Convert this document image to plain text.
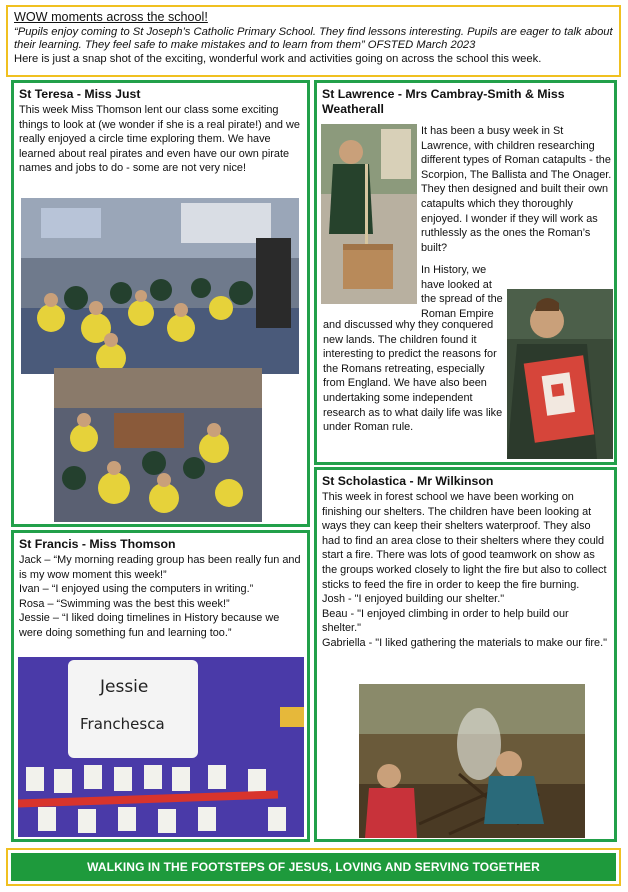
WOW moments across the school!
“Pupils enjoy coming to St Joseph’s Catholic Primary School. They find lessons interesting. Pupils are eager to talk about their learning. They feel safe to make mistakes and to learn from them” OFSTED March 2023
Here is just a snap shot of the exciting, wonderful work and activities going on across the school this week.
St Teresa - Miss Just
This week Miss Thomson lent our class some exciting things to look at (we wonder if she is a real pirate!) and we really enjoyed a circle time exploring them. We have learned about real pirates and even have our own pirate names and jobs to do - some are not very nice!
St Lawrence - Mrs Cambray-Smith & Miss Weatherall
It has been a busy week in St Lawrence, with children researching different types of Roman catapults - the Scorpion, The Ballista and The Onager. They then designed and built their own catapults which they thoroughly enjoyed. I wonder if they will work as ruthlessly as the ones the Roman’s built?
In History, we have looked at the spread of the Roman Empire
and discussed why they conquered new lands. The children found it interesting to predict the reasons for the Romans retreating, especially from England. We have also been undertaking some independent research as to what daily life was like under Roman rule.
St Francis - Miss Thomson
Jack – “My morning reading group has been really fun and is my wow moment this week!”
Ivan – “I enjoyed using the computers in writing.”
Rosa – “Swimming was the best this week!”
Jessie – “I liked doing timelines in History because we were doing something fun and learning too.”
Jessie
Franchesca
St Scholastica - Mr Wilkinson
This week in forest school we have been working on finishing our shelters. The children have been looking at ways they can keep their shelters waterproof. They also had to find an area close to their shelters where they could start a fire. There was lots of good teamwork on show as the groups worked closely to light the fire but also to collect sticks to feed the fire in order to keep the fire burning.
Josh - "I enjoyed building our shelter."
Beau - "I enjoyed climbing in order to help build our shelter."
Gabriella - "I liked gathering the materials to make our fire."
WALKING IN THE FOOTSTEPS OF JESUS, LOVING AND SERVING TOGETHER
